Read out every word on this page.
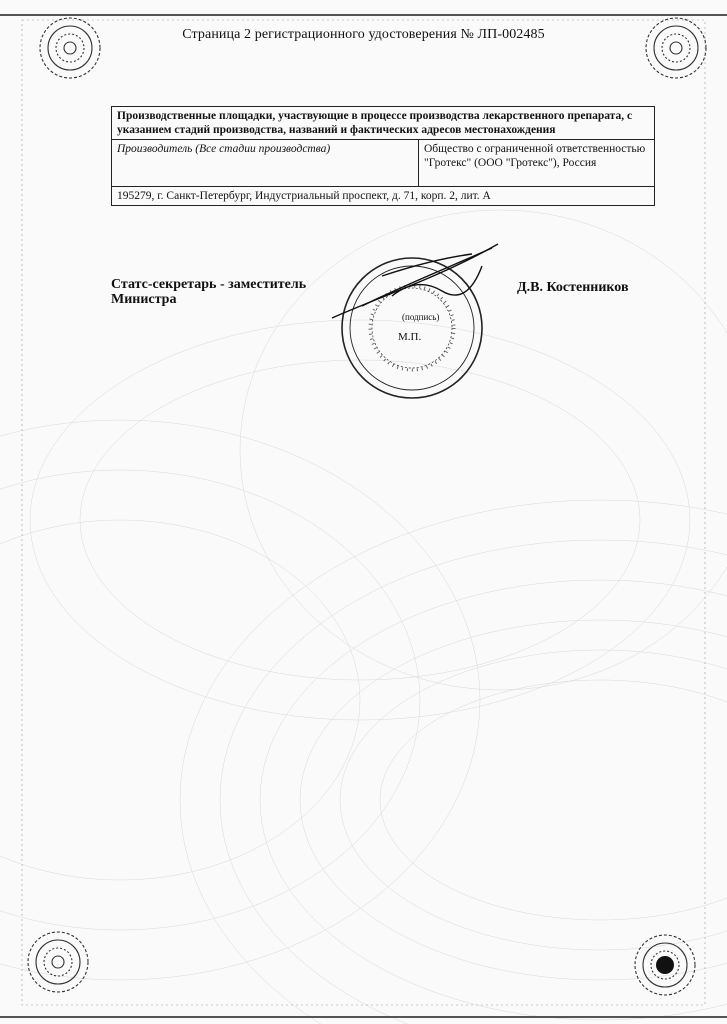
Страница 2 регистрационного удостоверения № ЛП-002485
Производственные площадки, участвующие в процессе производства лекарственного препарата, с указанием стадий производства, названий и фактических адресов местонахождения
Производитель (Все стадии производства)	Общество с ограниченной ответственностью "Гротекс" (ООО "Гротекс"), Россия
195279, г. Санкт-Петербург, Индустриальный проспект, д. 71, корп. 2, лит. А
Статс-секретарь - заместитель Министра
Д.В. Костенников
(подпись)
М.П.
